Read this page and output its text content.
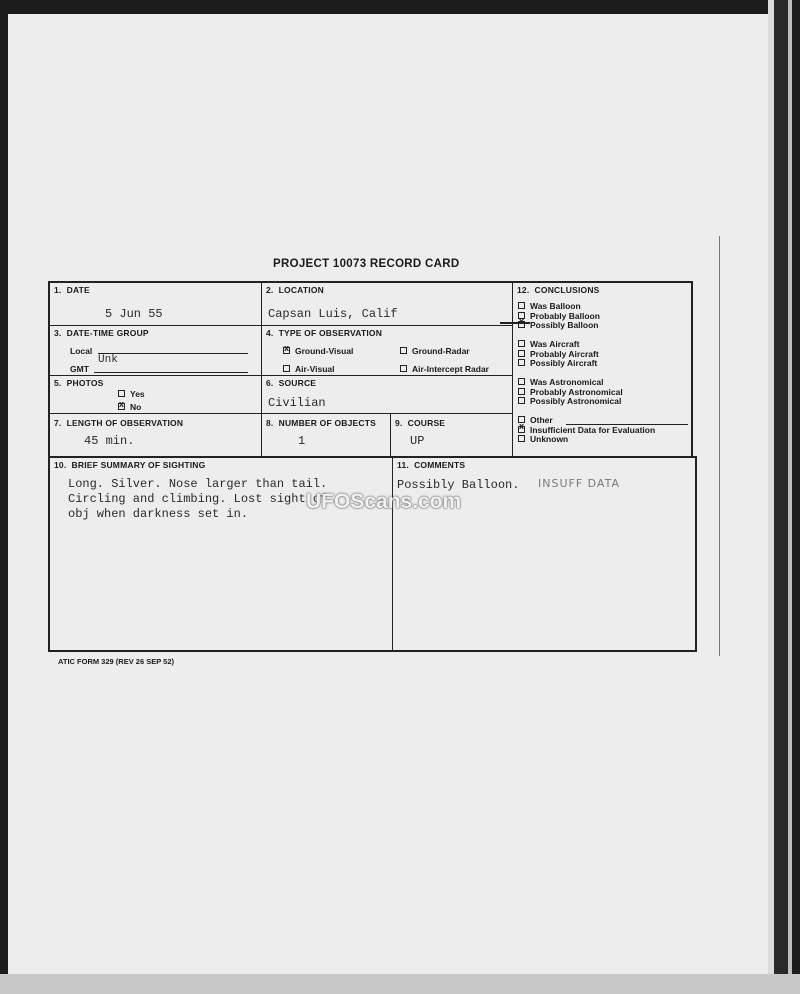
PROJECT 10073 RECORD CARD
1.  DATE
5 Jun 55
2.  LOCATION
Capsan Luis, Calif
3.  DATE-TIME GROUP
Local
Unk
GMT
4.  TYPE OF OBSERVATION
xGround-Visual	Ground-Radar
Air-Visual	Air-Intercept Radar
5.  PHOTOS
Yes
xNo
6.  SOURCE
Civilian
7.  LENGTH OF OBSERVATION
45 min.
8.  NUMBER OF OBJECTS
1
9.  COURSE
UP
12.  CONCLUSIONS
Was Balloon
Probably Balloon
xPossibly Balloon
Was Aircraft
Probably Aircraft
Possibly Aircraft
Was Astronomical
Probably Astronomical
Possibly Astronomical
Other
xInsufficient Data for Evaluation
Unknown
10.  BRIEF SUMMARY OF SIGHTING
Long. Silver. Nose larger than tail.
Circling and climbing. Lost sight of
obj when darkness set in.
11.  COMMENTS
Possibly Balloon. INSUFF DATA
UFOScans.com
ATIC FORM 329 (REV 26 SEP 52)
